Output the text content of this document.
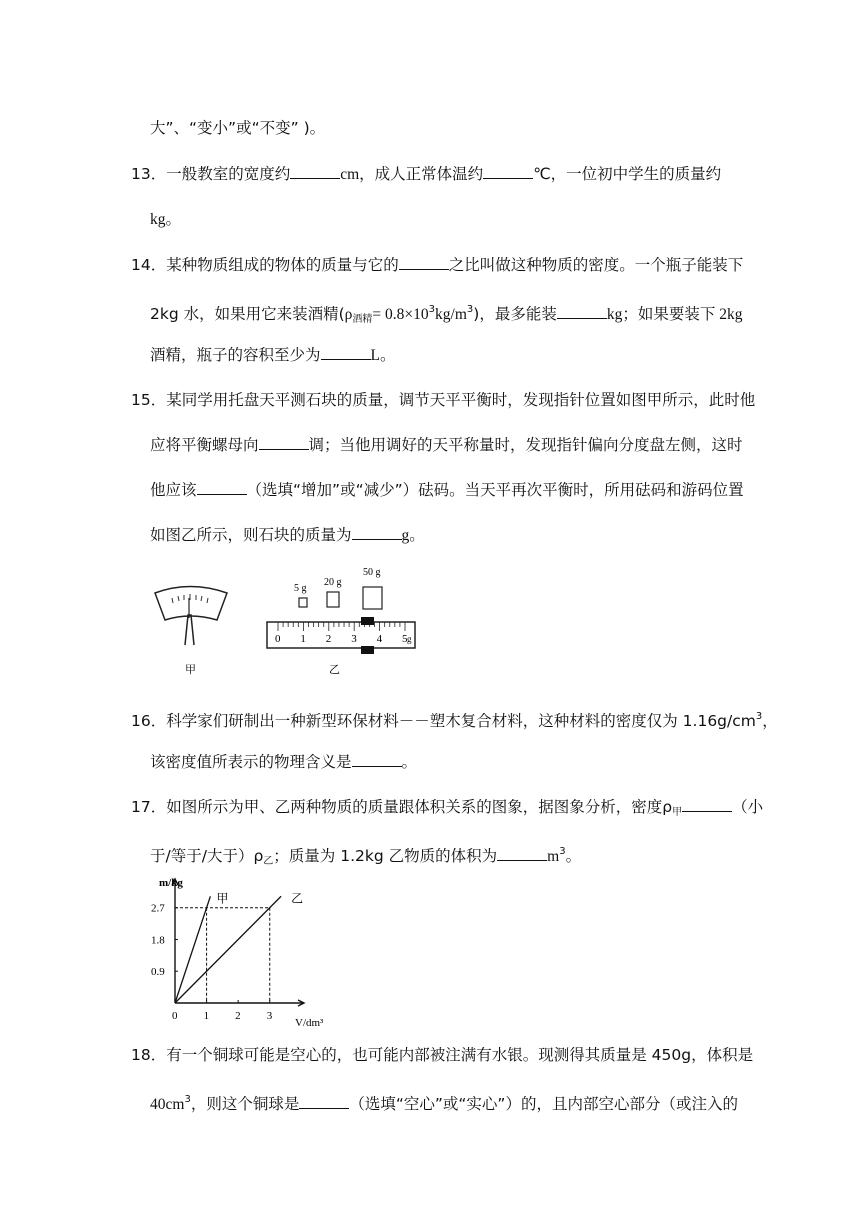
大”、“变小”或“不变” )。
13．一般教室的宽度约	cm，成人正常体温约	℃，一位初中学生的质量约
kg。
14．某种物质组成的物体的质量与它的	之比叫做这种物质的密度。一个瓶子能装下
2kg 水，如果用它来装酒精$(\rho_{酒精}= 0.8\times 10^3kg/m^3)$，最多能装	kg；如果要装下 2kg
酒精，瓶子的容积至少为	L。
15．某同学用托盘天平测石块的质量，调节天平平衡时，发现指针位置如图甲所示，此时他
应将平衡螺母向	调；当他用调好的天平称量时，发现指针偏向分度盘左侧，这时
他应该	（选填“增加”或“减少”）砝码。当天平再次平衡时，所用砝码和游码位置
如图乙所示，则石块的质量为	g。
甲
5 g
20 g
50 g
0 1 2 3 4 5 g
乙
16．科学家们研制出一种新型环保材料－－塑木复合材料，这种材料的密度仅为 $1.16g/cm^3$，
该密度值所表示的物理含义是	。
17．如图所示为甲、乙两种物质的质量跟体积关系的图象，据图象分析，密度$\rho_甲$	（小
于/等于/大于）$\rho_乙$；质量为 1.2kg 乙物质的体积为	$m^3$。
甲	乙
0 1 2 3
0.9
1.8
2.7
m/kg
V/dm³
18．有一个铜球可能是空心的，也可能内部被注满有水银。现测得其质量是 450g，体积是
$40cm^3$，则这个铜球是	（选填“空心”或“实心”）的，且内部空心部分（或注入的
